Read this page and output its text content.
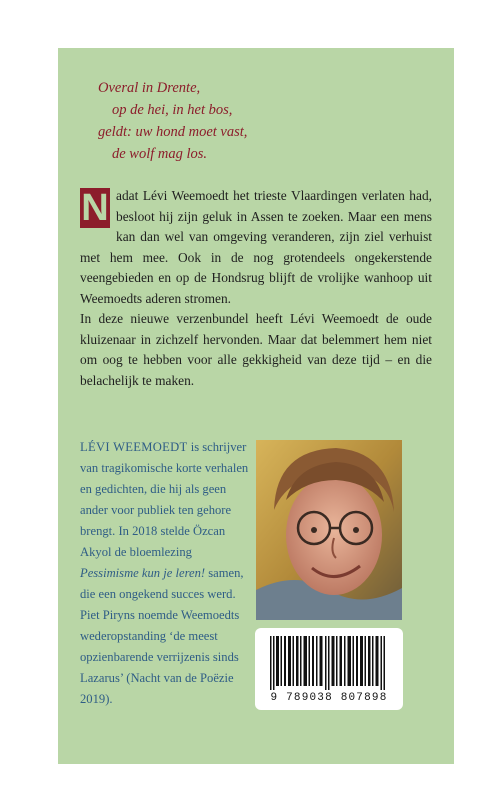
Overal in Drente,
op de hei, in het bos,
geldt: uw hond moet vast,
de wolf mag los.

N adat Lévi Weemoedt het trieste Vlaardingen verlaten had, besloot hij zijn geluk in Assen te zoeken. Maar een mens kan dan wel van omgeving veranderen, zijn ziel verhuist met hem mee. Ook in de nog grotendeels ongekerstende veengebieden en op de Hondsrug blijft de vrolijke wanhoop uit Weemoedts aderen stromen.

In deze nieuwe verzenbundel heeft Lévi Weemoedt de oude kluizenaar in zichzelf hervonden. Maar dat belemmert hem niet om oog te hebben voor alle gekkigheid van deze tijd – en die belachelijk te maken.

LÉVI WEEMOEDT is schrijver van tragikomische korte verhalen en gedichten, die hij als geen ander voor publiek ten gehore brengt. In 2018 stelde Özcan Akyol de bloemlezing Pessimisme kun je leren! samen, die een ongekend succes werd. Piet Piryns noemde Weemoedts wederopstanding ‘de meest opzienbarende verrijzenis sinds Lazarus’ (Nacht van de Poëzie 2019).	9 789038 807898
